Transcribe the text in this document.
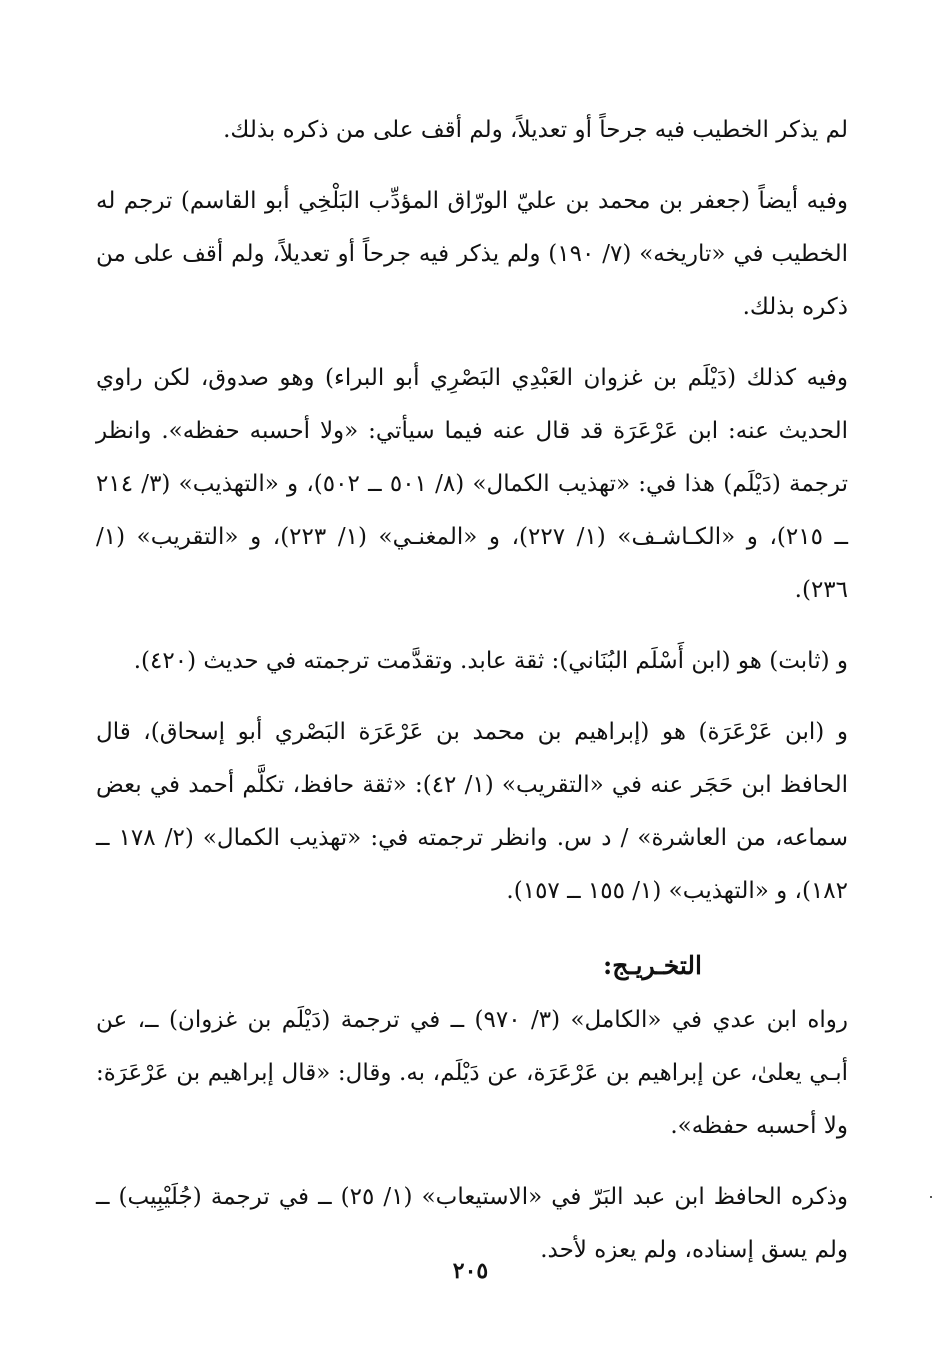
لم يذكر الخطيب فيه جرحاً أو تعديلاً، ولم أقف على من ذكره بذلك.

وفيه أيضاً (جعفر بن محمد بن عليّ الورّاق المؤدِّب البَلْخِي أبو القاسم) ترجم له الخطيب في «تاريخه» (٧/ ١٩٠) ولم يذكر فيه جرحاً أو تعديلاً، ولم أقف على من ذكره بذلك.

وفيه كذلك (دَيْلَم بن غزوان العَبْدِي البَصْرِي أبو البراء) وهو صدوق، لكن راوي الحديث عنه: ابن عَرْعَرَة قد قال عنه فيما سيأتي: «ولا أحسبه حفظه». وانظر ترجمة (دَيْلَم) هذا في: «تهذيب الكمال» (٨/ ٥٠١ ــ ٥٠٢)، و «التهذيب» (٣/ ٢١٤ ــ ٢١٥)، و «الكـاشـف» (١/ ٢٢٧)، و «المغنـي» (١/ ٢٢٣)، و «التقريب» (١/ ٢٣٦).

و (ثابت) هو (ابن أَسْلَم البُنَاني): ثقة عابد. وتقدَّمت ترجمته في حديث (٤٢٠).

و (ابن عَرْعَرَة) هو (إبراهيم بن محمد بن عَرْعَرَة البَصْري أبو إسحاق)، قال الحافظ ابن حَجَر عنه في «التقريب» (١/ ٤٢): «ثقة حافظ، تكلَّم أحمد في بعض سماعه، من العاشرة» / د س. وانظر ترجمته في: «تهذيب الكمال» (٢/ ١٧٨ ــ ١٨٢)، و «التهذيب» (١/ ١٥٥ ــ ١٥٧).

التخـريـج:

رواه ابن عدي في «الكامل» (٣/ ٩٧٠) ــ في ترجمة (دَيْلَم بن غزوان) ــ، عن أبـي يعلىٰ، عن إبراهيم بن عَرْعَرَة، عن دَيْلَم، به. وقال: «قال إبراهيم بن عَرْعَرَة: ولا أحسبه حفظه».

وذكره الحافظ ابن عبد البَرّ في «الاستيعاب» (١/ ٢٥) ــ في ترجمة (جُلَيْبِيب) ــ ولم يسق إسناده، ولم يعزه لأحد.

٢٠٥
